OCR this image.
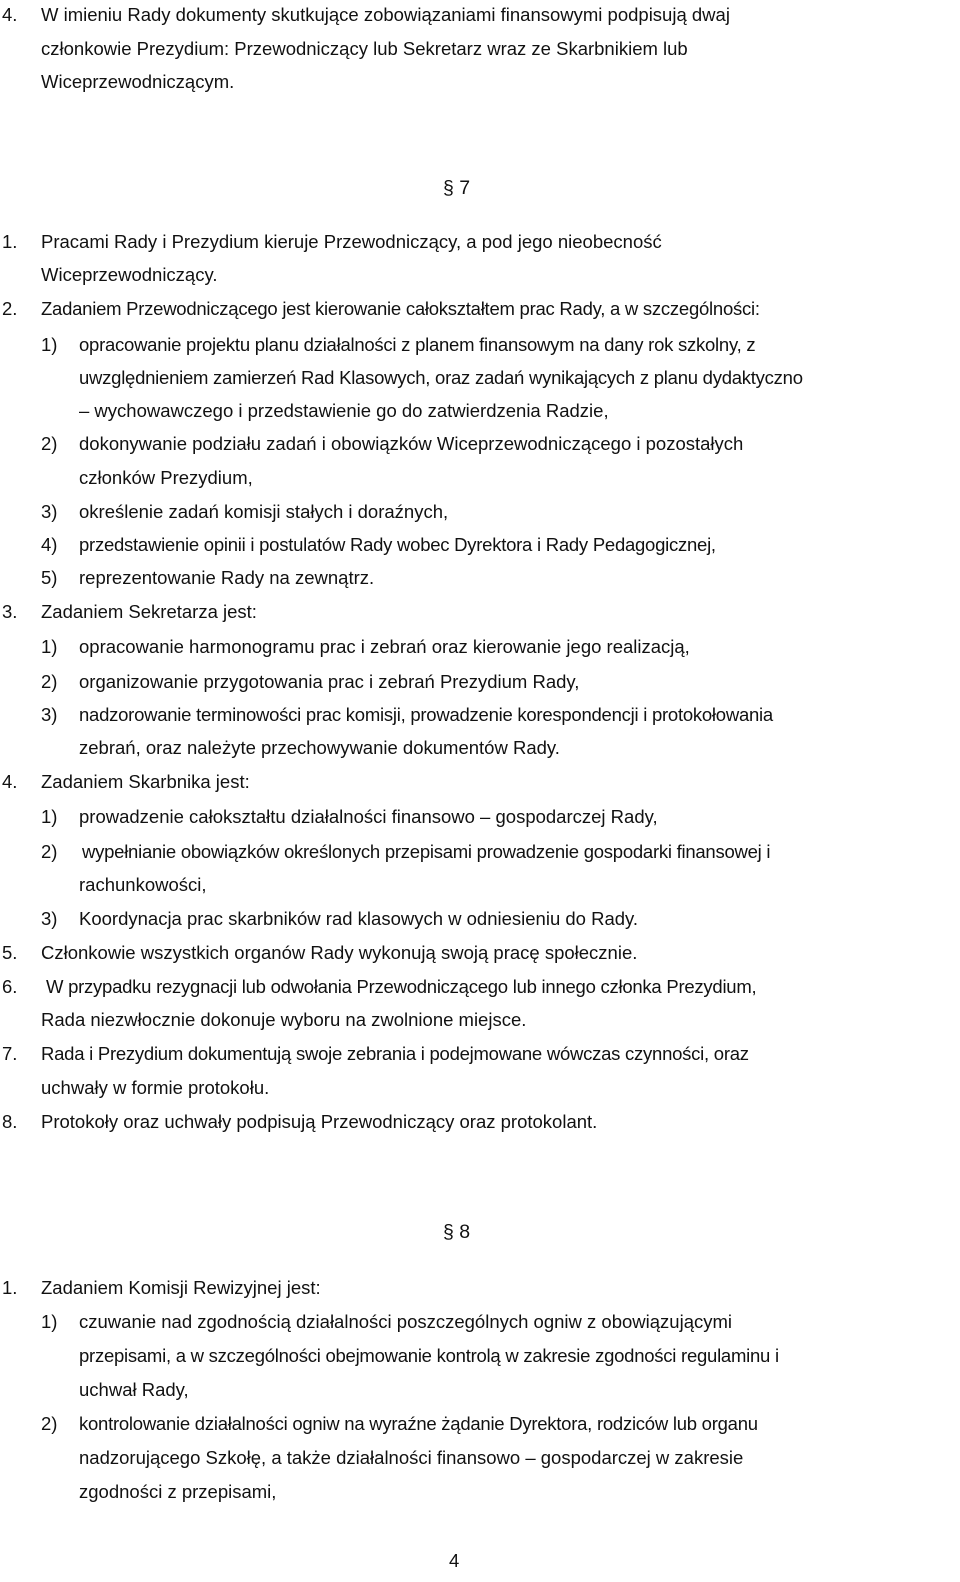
4. W imieniu Rady dokumenty skutkujące zobowiązaniami finansowymi podpisują dwaj
członkowie Prezydium: Przewodniczący lub Sekretarz wraz ze Skarbnikiem lub
Wiceprzewodniczącym.
§ 7
1. Pracami Rady i Prezydium kieruje Przewodniczący, a pod jego nieobecność
Wiceprzewodniczący.
2. Zadaniem Przewodniczącego jest kierowanie całokształtem prac Rady, a w szczególności:
1) opracowanie projektu planu działalności z planem finansowym na dany rok szkolny, z
uwzględnieniem zamierzeń Rad Klasowych, oraz zadań wynikających z planu dydaktyczno
– wychowawczego i przedstawienie go do zatwierdzenia Radzie,
2) dokonywanie podziału zadań i obowiązków Wiceprzewodniczącego i pozostałych
członków Prezydium,
3) określenie zadań komisji stałych i doraźnych,
4) przedstawienie opinii i postulatów Rady wobec Dyrektora i Rady Pedagogicznej,
5) reprezentowanie Rady na zewnątrz.
3. Zadaniem Sekretarza jest:
1) opracowanie harmonogramu prac i zebrań oraz kierowanie jego realizacją,
2) organizowanie przygotowania prac i zebrań Prezydium Rady,
3) nadzorowanie terminowości prac komisji, prowadzenie korespondencji i protokołowania
zebrań, oraz należyte przechowywanie dokumentów Rady.
4. Zadaniem Skarbnika jest:
1) prowadzenie całokształtu działalności finansowo – gospodarczej Rady,
2) wypełnianie obowiązków określonych przepisami prowadzenie gospodarki finansowej i
rachunkowości,
3) Koordynacja prac skarbników rad klasowych w odniesieniu do Rady.
5. Członkowie wszystkich organów Rady wykonują swoją pracę społecznie.
6. W przypadku rezygnacji lub odwołania Przewodniczącego lub innego członka Prezydium,
Rada niezwłocznie dokonuje wyboru na zwolnione miejsce.
7. Rada i Prezydium dokumentują swoje zebrania i podejmowane wówczas czynności, oraz
uchwały w formie protokołu.
8. Protokoły oraz uchwały podpisują Przewodniczący oraz protokolant.
§ 8
1. Zadaniem Komisji Rewizyjnej jest:
1) czuwanie nad zgodnością działalności poszczególnych ogniw z obowiązującymi
przepisami, a w szczególności obejmowanie kontrolą w zakresie zgodności regulaminu i
uchwał Rady,
2) kontrolowanie działalności ogniw na wyraźne żądanie Dyrektora, rodziców lub organu
nadzorującego Szkołę, a także działalności finansowo – gospodarczej w zakresie
zgodności z przepisami,
4
